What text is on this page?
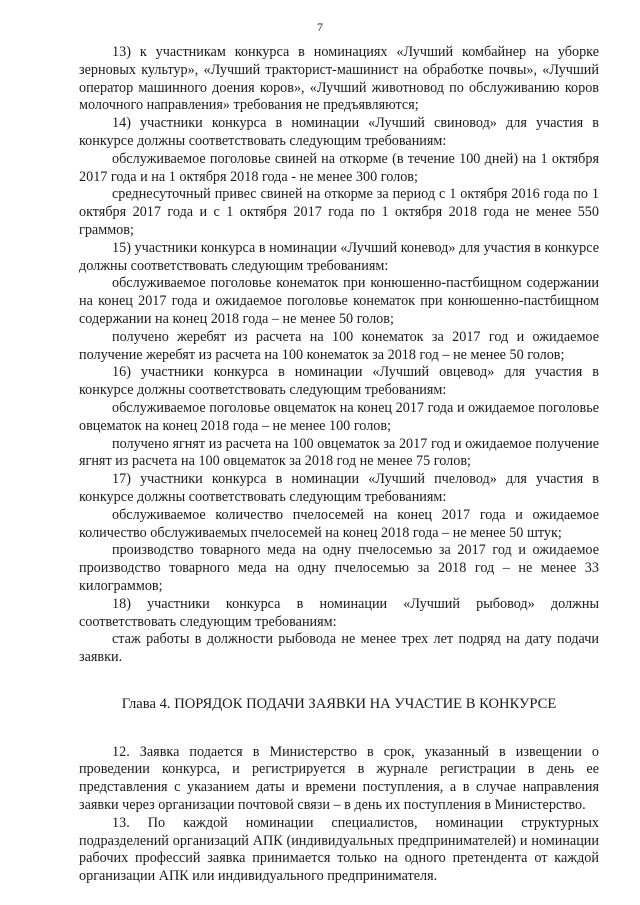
7

13) к участникам конкурса в номинациях «Лучший комбайнер на уборке зерновых культур», «Лучший тракторист-машинист на обработке почвы», «Лучший оператор машинного доения коров», «Лучший животновод по обслуживанию коров молочного направления» требования не предъявляются;

14) участники конкурса в номинации «Лучший свиновод» для участия в конкурсе должны соответствовать следующим требованиям:

обслуживаемое поголовье свиней на откорме (в течение 100 дней) на 1 октября 2017 года и на 1 октября 2018 года - не менее 300 голов;

среднесуточный привес свиней на откорме за период с 1 октября 2016 года по 1 октября 2017 года и с 1 октября 2017 года по 1 октября 2018 года не менее 550 граммов;

15) участники конкурса в номинации «Лучший коневод» для участия в конкурсе должны соответствовать следующим требованиям:

обслуживаемое поголовье конематок при конюшенно-пастбищном содержании на конец 2017 года и ожидаемое поголовье конематок при конюшенно-пастбищном содержании на конец 2018 года – не менее 50 голов;

получено жеребят из расчета на 100 конематок за 2017 год и ожидаемое получение жеребят из расчета на 100 конематок за 2018 год – не менее 50 голов;

16) участники конкурса в номинации «Лучший овцевод» для участия в конкурсе должны соответствовать следующим требованиям:

обслуживаемое поголовье овцематок на конец 2017 года и ожидаемое поголовье овцематок на конец 2018 года – не менее 100 голов;

получено ягнят из расчета на 100 овцематок за 2017 год и ожидаемое получение ягнят из расчета на 100 овцематок за 2018 год не менее 75 голов;

17) участники конкурса в номинации «Лучший пчеловод» для участия в конкурсе должны соответствовать следующим требованиям:

обслуживаемое количество пчелосемей на конец 2017 года и ожидаемое количество обслуживаемых пчелосемей на конец 2018 года – не менее 50 штук;

производство товарного меда на одну пчелосемью за 2017 год и ожидаемое производство товарного меда на одну пчелосемью за 2018 год – не менее 33 килограммов;

18) участники конкурса в номинации «Лучший рыбовод» должны соответствовать следующим требованиям:

стаж работы в должности рыбовода не менее трех лет подряд на дату подачи заявки.

Глава 4. ПОРЯДОК ПОДАЧИ ЗАЯВКИ НА УЧАСТИЕ В КОНКУРСЕ

12. Заявка подается в Министерство в срок, указанный в извещении о проведении конкурса, и регистрируется в журнале регистрации в день ее представления с указанием даты и времени поступления, а в случае направления заявки через организации почтовой связи – в день их поступления в Министерство.

13. По каждой номинации специалистов, номинации структурных подразделений организаций АПК (индивидуальных предпринимателей) и номинации рабочих профессий заявка принимается только на одного претендента от каждой организации АПК или индивидуального предпринимателя.
